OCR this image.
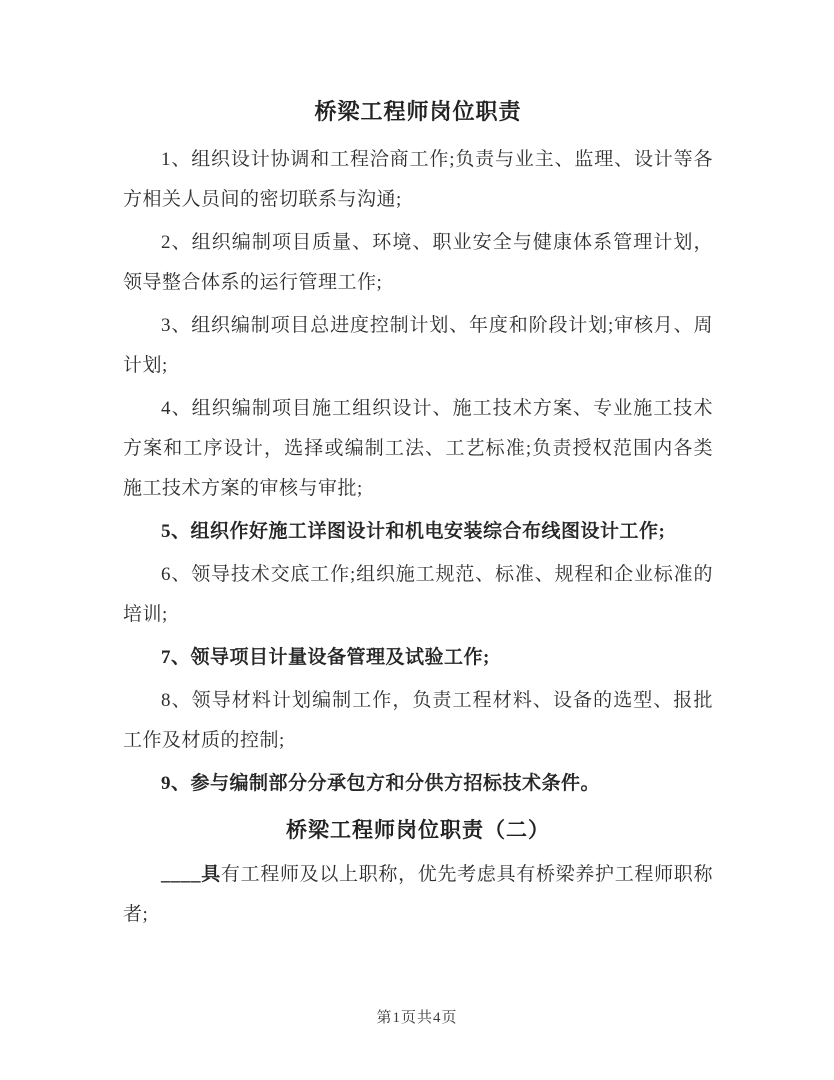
桥梁工程师岗位职责

1、组织设计协调和工程洽商工作;负责与业主、监理、设计等各方相关人员间的密切联系与沟通;

2、组织编制项目质量、环境、职业安全与健康体系管理计划，领导整合体系的运行管理工作;

3、组织编制项目总进度控制计划、年度和阶段计划;审核月、周计划;

4、组织编制项目施工组织设计、施工技术方案、专业施工技术方案和工序设计，选择或编制工法、工艺标准;负责授权范围内各类施工技术方案的审核与审批;

5、组织作好施工详图设计和机电安装综合布线图设计工作;

6、领导技术交底工作;组织施工规范、标准、规程和企业标准的培训;

7、领导项目计量设备管理及试验工作;

8、领导材料计划编制工作，负责工程材料、设备的选型、报批工作及材质的控制;

9、参与编制部分分承包方和分供方招标技术条件。

桥梁工程师岗位职责（二）

____具有工程师及以上职称，优先考虑具有桥梁养护工程师职称者;

第1页共4页
